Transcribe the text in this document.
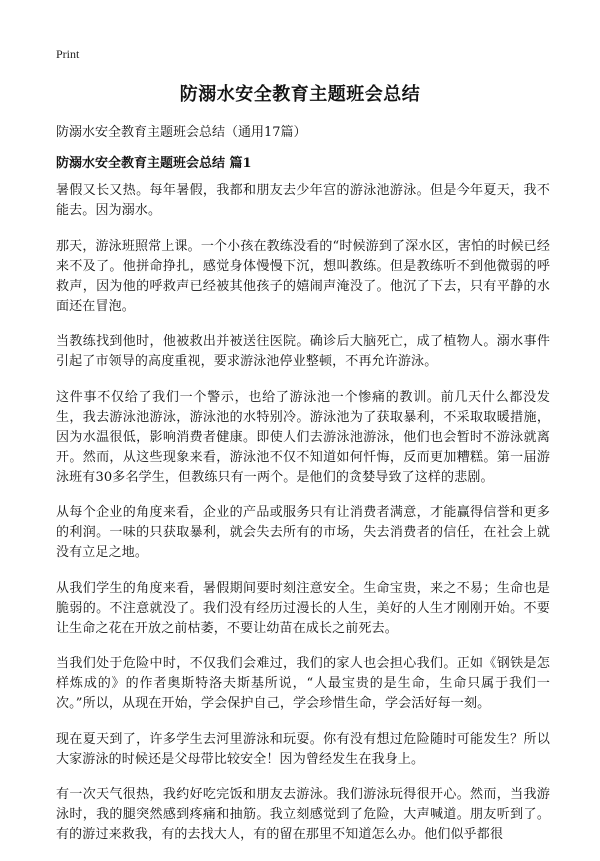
Print
防溺水安全教育主题班会总结
防溺水安全教育主题班会总结（通用17篇）
防溺水安全教育主题班会总结 篇1

暑假又长又热。每年暑假，我都和朋友去少年宫的游泳池游泳。但是今年夏天，我不能去。因为溺水。

那天，游泳班照常上课。一个小孩在教练没看的“时候游到了深水区，害怕的时候已经来不及了。他拼命挣扎，感觉身体慢慢下沉，想叫教练。但是教练听不到他微弱的呼救声，因为他的呼救声已经被其他孩子的嬉闹声淹没了。他沉了下去，只有平静的水面还在冒泡。

当教练找到他时，他被救出并被送往医院。确诊后大脑死亡，成了植物人。溺水事件引起了市领导的高度重视，要求游泳池停业整顿，不再允许游泳。

这件事不仅给了我们一个警示，也给了游泳池一个惨痛的教训。前几天什么都没发生，我去游泳池游泳，游泳池的水特别冷。游泳池为了获取暴利，不采取取暖措施，因为水温很低，影响消费者健康。即使人们去游泳池游泳，他们也会暂时不游泳就离开。然而，从这些现象来看，游泳池不仅不知道如何忏悔，反而更加糟糕。第一届游泳班有30多名学生，但教练只有一两个。是他们的贪婪导致了这样的悲剧。

从每个企业的角度来看，企业的产品或服务只有让消费者满意，才能赢得信誉和更多的利润。一味的只获取暴利，就会失去所有的市场，失去消费者的信任，在社会上就没有立足之地。

从我们学生的角度来看，暑假期间要时刻注意安全。生命宝贵，来之不易；生命也是脆弱的。不注意就没了。我们没有经历过漫长的人生，美好的人生才刚刚开始。不要让生命之花在开放之前枯萎，不要让幼苗在成长之前死去。

当我们处于危险中时，不仅我们会难过，我们的家人也会担心我们。正如《钢铁是怎样炼成的》的作者奥斯特洛夫斯基所说，“人最宝贵的是生命，生命只属于我们一次。”所以，从现在开始，学会保护自己，学会珍惜生命，学会活好每一刻。

现在夏天到了，许多学生去河里游泳和玩耍。你有没有想过危险随时可能发生？所以大家游泳的时候还是父母带比较安全！因为曾经发生在我身上。

有一次天气很热，我约好吃完饭和朋友去游泳。我们游泳玩得很开心。然而，当我游泳时，我的腿突然感到疼痛和抽筋。我立刻感觉到了危险，大声喊道。朋友听到了。有的游过来救我，有的去找大人，有的留在那里不知道怎么办。他们似乎都很
